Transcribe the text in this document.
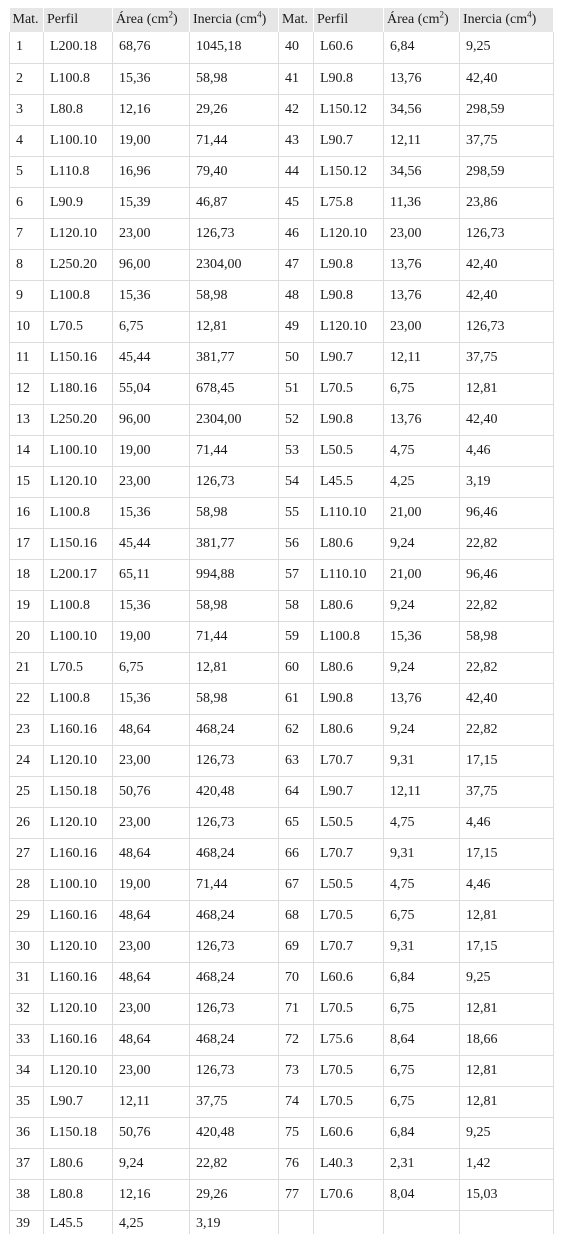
Mat.	Perfil	Área $(cm^2)$	Inercia $(cm^4)$	Mat.	Perfil	Área $(cm^2)$	Inercia $(cm^4)$
1	L200.18	68,76	1045,18	40	L60.6	6,84	9,25
2	L100.8	15,36	58,98	41	L90.8	13,76	42,40
3	L80.8	12,16	29,26	42	L150.12	34,56	298,59
4	L100.10	19,00	71,44	43	L90.7	12,11	37,75
5	L110.8	16,96	79,40	44	L150.12	34,56	298,59
6	L90.9	15,39	46,87	45	L75.8	11,36	23,86
7	L120.10	23,00	126,73	46	L120.10	23,00	126,73
8	L250.20	96,00	2304,00	47	L90.8	13,76	42,40
9	L100.8	15,36	58,98	48	L90.8	13,76	42,40
10	L70.5	6,75	12,81	49	L120.10	23,00	126,73
11	L150.16	45,44	381,77	50	L90.7	12,11	37,75
12	L180.16	55,04	678,45	51	L70.5	6,75	12,81
13	L250.20	96,00	2304,00	52	L90.8	13,76	42,40
14	L100.10	19,00	71,44	53	L50.5	4,75	4,46
15	L120.10	23,00	126,73	54	L45.5	4,25	3,19
16	L100.8	15,36	58,98	55	L110.10	21,00	96,46
17	L150.16	45,44	381,77	56	L80.6	9,24	22,82
18	L200.17	65,11	994,88	57	L110.10	21,00	96,46
19	L100.8	15,36	58,98	58	L80.6	9,24	22,82
20	L100.10	19,00	71,44	59	L100.8	15,36	58,98
21	L70.5	6,75	12,81	60	L80.6	9,24	22,82
22	L100.8	15,36	58,98	61	L90.8	13,76	42,40
23	L160.16	48,64	468,24	62	L80.6	9,24	22,82
24	L120.10	23,00	126,73	63	L70.7	9,31	17,15
25	L150.18	50,76	420,48	64	L90.7	12,11	37,75
26	L120.10	23,00	126,73	65	L50.5	4,75	4,46
27	L160.16	48,64	468,24	66	L70.7	9,31	17,15
28	L100.10	19,00	71,44	67	L50.5	4,75	4,46
29	L160.16	48,64	468,24	68	L70.5	6,75	12,81
30	L120.10	23,00	126,73	69	L70.7	9,31	17,15
31	L160.16	48,64	468,24	70	L60.6	6,84	9,25
32	L120.10	23,00	126,73	71	L70.5	6,75	12,81
33	L160.16	48,64	468,24	72	L75.6	8,64	18,66
34	L120.10	23,00	126,73	73	L70.5	6,75	12,81
35	L90.7	12,11	37,75	74	L70.5	6,75	12,81
36	L150.18	50,76	420,48	75	L60.6	6,84	9,25
37	L80.6	9,24	22,82	76	L40.3	2,31	1,42
38	L80.8	12,16	29,26	77	L70.6	8,04	15,03
39	L45.5	4,25	3,19				
